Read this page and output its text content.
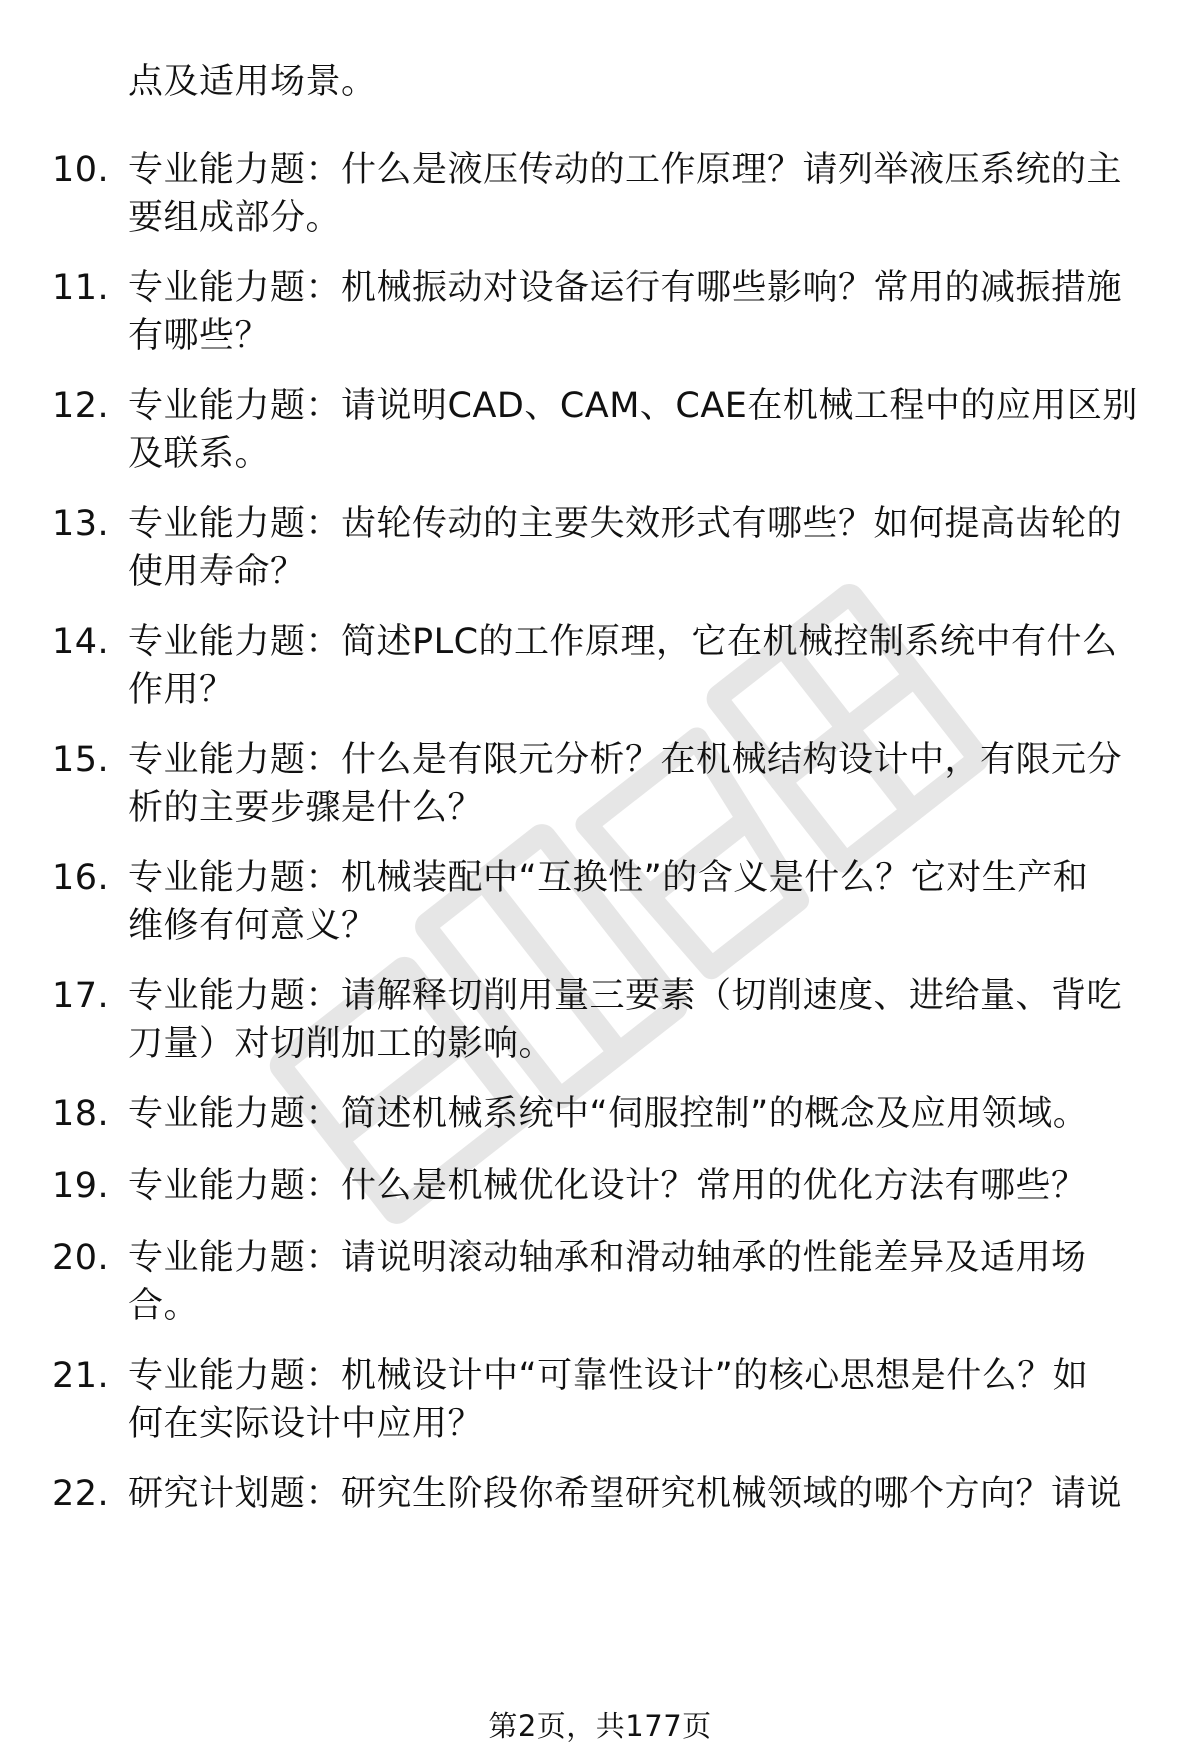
点及适用场景。
10. 专业能力题：什么是液压传动的工作原理？请列举液压系统的主
要组成部分。
11. 专业能力题：机械振动对设备运行有哪些影响？常用的减振措施
有哪些？
12. 专业能力题：请说明CAD、CAM、CAE在机械工程中的应用区别
及联系。
13. 专业能力题：齿轮传动的主要失效形式有哪些？如何提高齿轮的
使用寿命？
14. 专业能力题：简述PLC的工作原理，它在机械控制系统中有什么
作用？
15. 专业能力题：什么是有限元分析？在机械结构设计中，有限元分
析的主要步骤是什么？
16. 专业能力题：机械装配中“互换性”的含义是什么？它对生产和
维修有何意义？
17. 专业能力题：请解释切削用量三要素（切削速度、进给量、背吃
刀量）对切削加工的影响。
18. 专业能力题：简述机械系统中“伺服控制”的概念及应用领域。
19. 专业能力题：什么是机械优化设计？常用的优化方法有哪些？
20. 专业能力题：请说明滚动轴承和滑动轴承的性能差异及适用场
合。
21. 专业能力题：机械设计中“可靠性设计”的核心思想是什么？如
何在实际设计中应用？
22. 研究计划题：研究生阶段你希望研究机械领域的哪个方向？请说
第2页，共177页
